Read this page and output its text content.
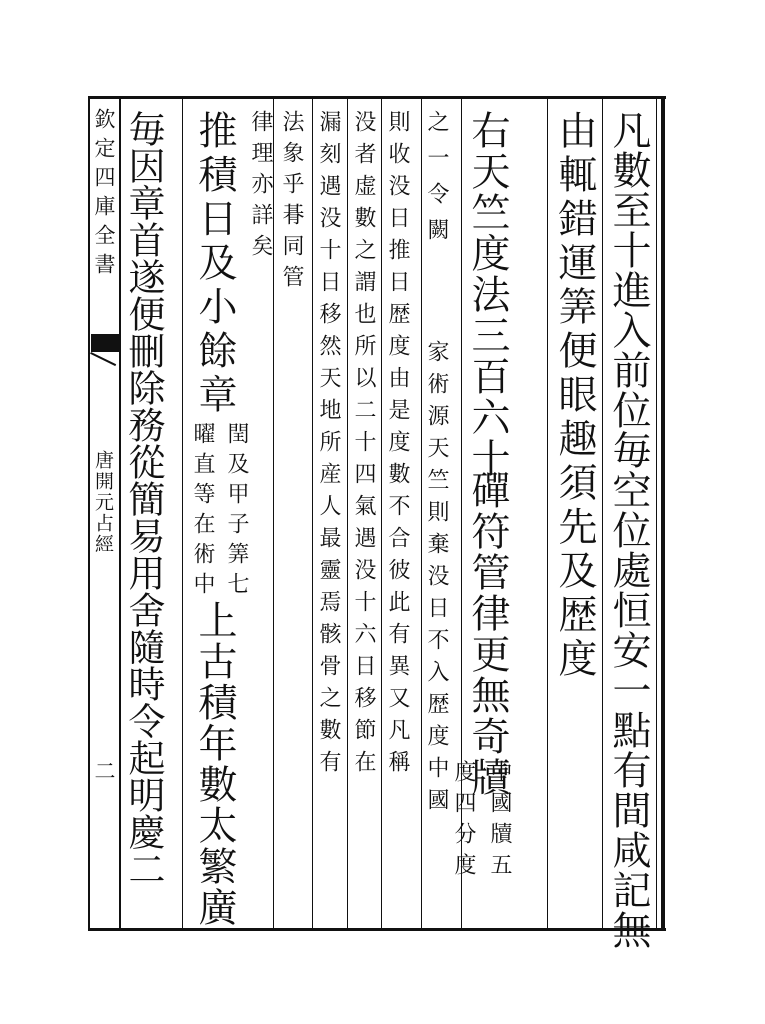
欽定四庫全書
唐開元占經
二	凡數至十進入前位毎空位處恒安一點有間咸記無
由輒錯運筭便眼趣須先及歴度
右天竺度法三百六十
磾符管律更無奇牘
之一令闕
家術源天竺則棄没日不入歴度中國
中國牘五
則收没日推日歴度由是度數不合彼此有異又凡稱
度四分度
没者虚數之謂也所以二十四氣遇没十六日移節在
漏刻遇没十日移然天地所産人最靈焉骸骨之數有
法象乎朞同管
律理亦詳矣
推積日及小餘章
閏及甲子筭七
上古積年數太繁廣
曜直等在術中
毎因章首遂便刪除務從簡易用舍隨時令起明慶二
